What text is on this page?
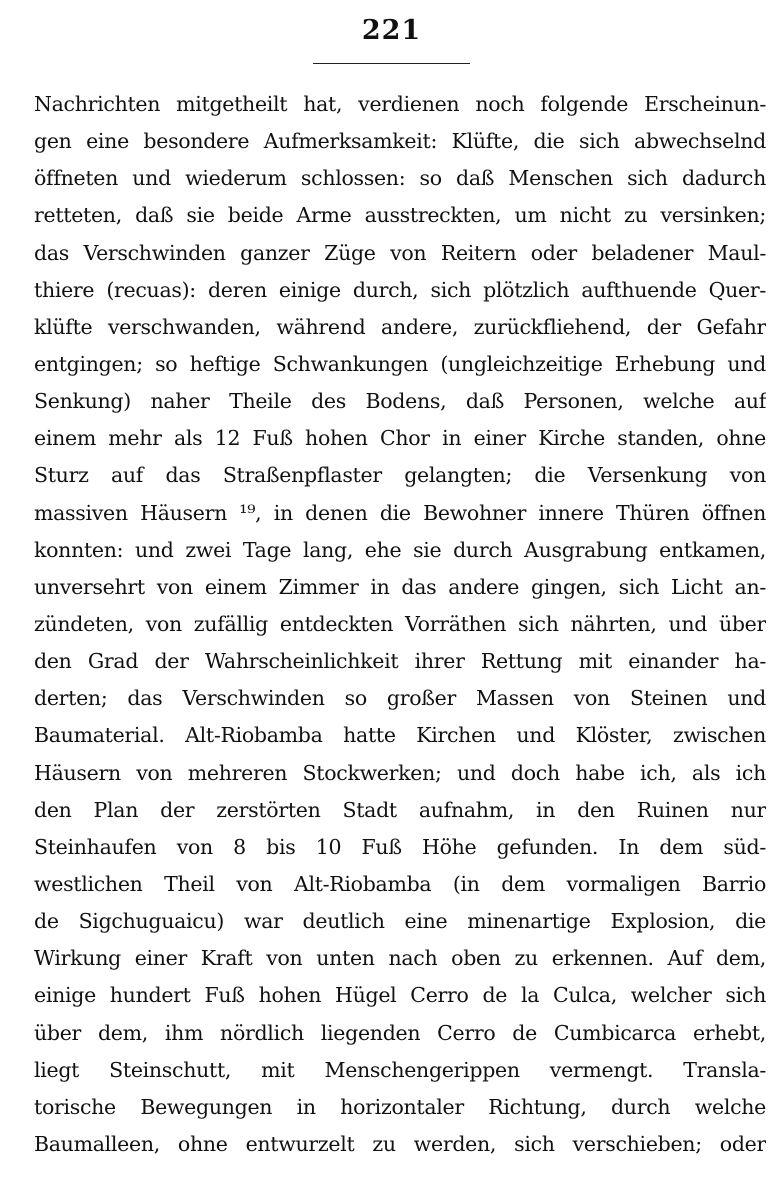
221
Nachrichten mitgetheilt hat, verdienen noch folgende Erscheinun-
gen eine besondere Aufmerksamkeit: Klüfte, die sich abwechselnd
öffneten und wiederum schlossen: so daß Menschen sich dadurch
retteten, daß sie beide Arme ausstreckten, um nicht zu versinken;
das Verschwinden ganzer Züge von Reitern oder beladener Maul-
thiere (recuas): deren einige durch, sich plötzlich aufthuende Quer-
klüfte verschwanden, während andere, zurückfliehend, der Gefahr
entgingen; so heftige Schwankungen (ungleichzeitige Erhebung und
Senkung) naher Theile des Bodens, daß Personen, welche auf
einem mehr als 12 Fuß hohen Chor in einer Kirche standen, ohne
Sturz auf das Straßenpflaster gelangten; die Versenkung von
massiven Häusern ¹⁹, in denen die Bewohner innere Thüren öffnen
konnten: und zwei Tage lang, ehe sie durch Ausgrabung entkamen,
unversehrt von einem Zimmer in das andere gingen, sich Licht an-
zündeten, von zufällig entdeckten Vorräthen sich nährten, und über
den Grad der Wahrscheinlichkeit ihrer Rettung mit einander ha-
derten; das Verschwinden so großer Massen von Steinen und
Baumaterial. Alt-Riobamba hatte Kirchen und Klöster, zwischen
Häusern von mehreren Stockwerken; und doch habe ich, als ich
den Plan der zerstörten Stadt aufnahm, in den Ruinen nur
Steinhaufen von 8 bis 10 Fuß Höhe gefunden. In dem süd-
westlichen Theil von Alt-Riobamba (in dem vormaligen Barrio
de Sigchuguaicu) war deutlich eine minenartige Explosion, die
Wirkung einer Kraft von unten nach oben zu erkennen. Auf dem,
einige hundert Fuß hohen Hügel Cerro de la Culca, welcher sich
über dem, ihm nördlich liegenden Cerro de Cumbicarca erhebt,
liegt Steinschutt, mit Menschengerippen vermengt. Transla-
torische Bewegungen in horizontaler Richtung, durch welche
Baumalleen, ohne entwurzelt zu werden, sich verschieben; oder
